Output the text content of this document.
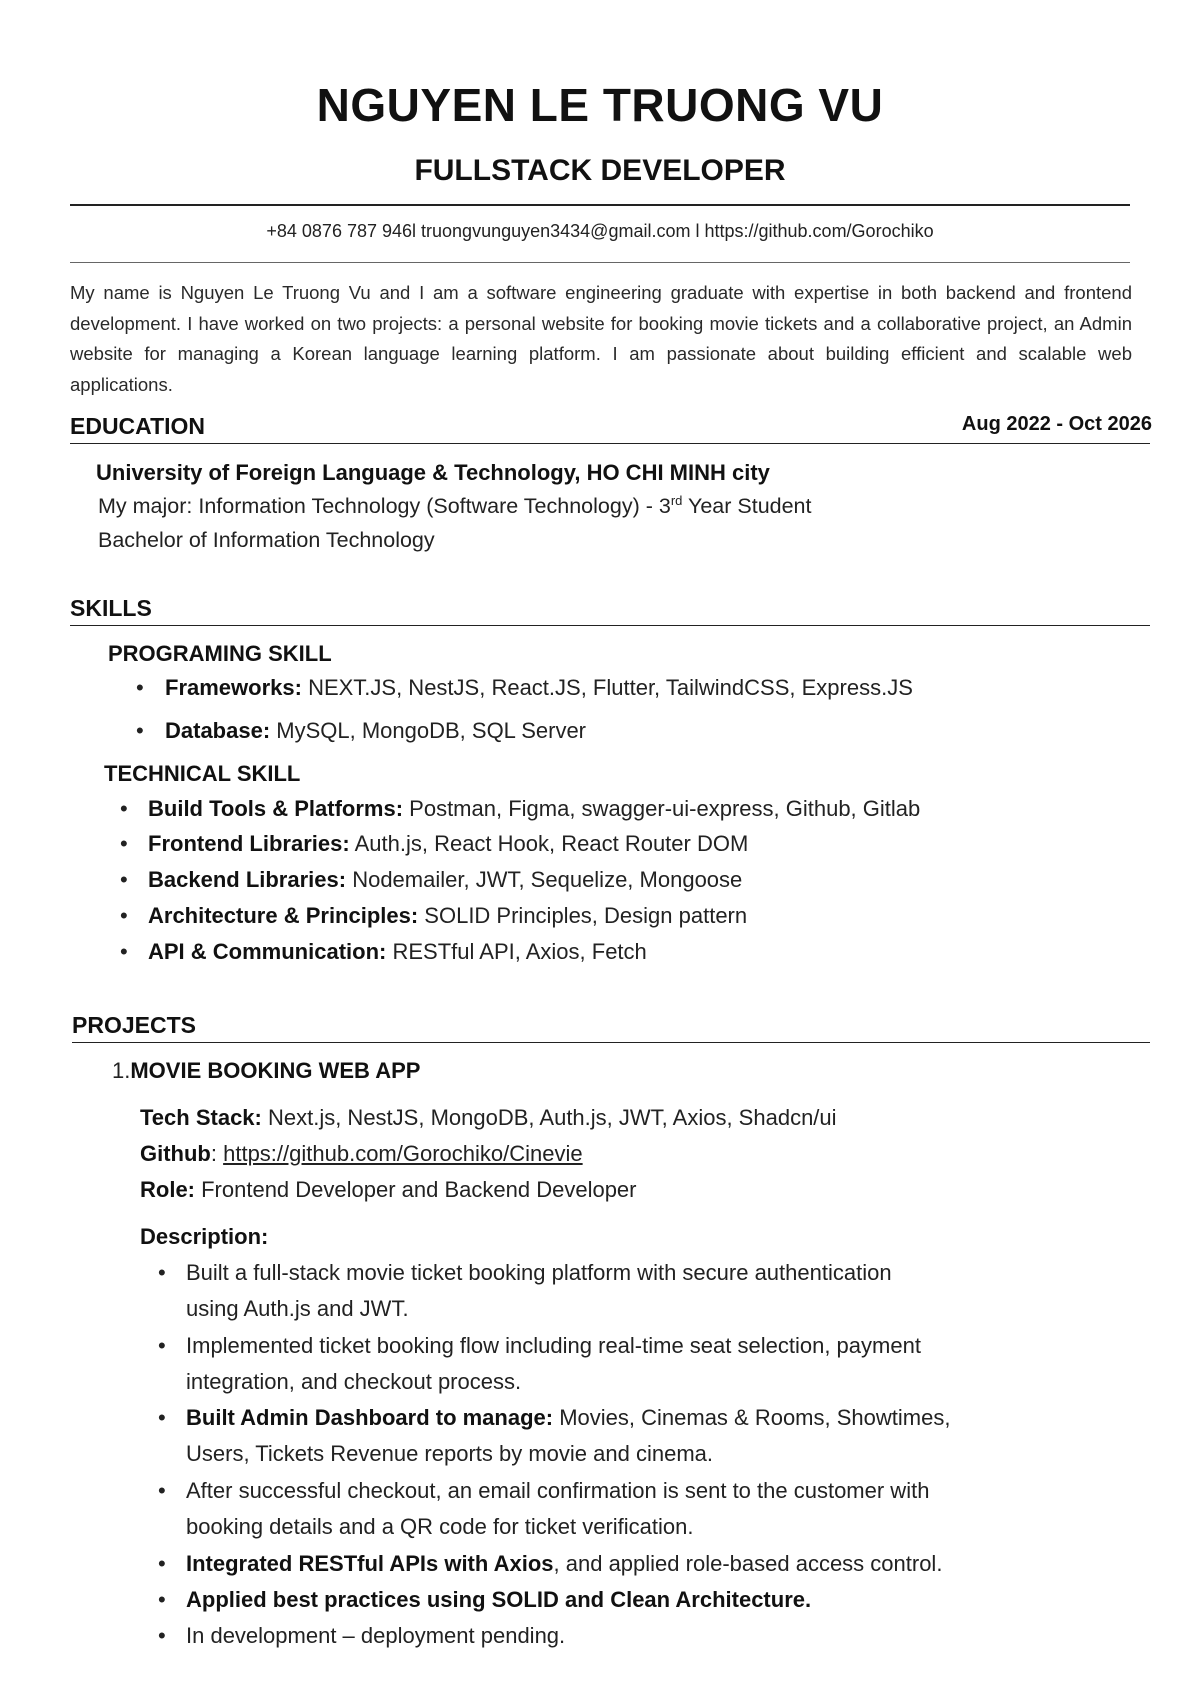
NGUYEN LE TRUONG VU
FULLSTACK DEVELOPER
+84 0876 787 946l truongvunguyen3434@gmail.com l https://github.com/Gorochiko
My name is Nguyen Le Truong Vu and I am a software engineering graduate with expertise in both backend and frontend development. I have worked on two projects: a personal website for booking movie tickets and a collaborative project, an Admin website for managing a Korean language learning platform. I am passionate about building efficient and scalable web applications.
EDUCATION	Aug 2022 - Oct 2026
University of Foreign Language & Technology, HO CHI MINH city
My major: Information Technology (Software Technology) - 3rd Year Student
Bachelor of Information Technology
SKILLS
PROGRAMING SKILL
• Frameworks: NEXT.JS, NestJS, React.JS, Flutter, TailwindCSS, Express.JS
• Database: MySQL, MongoDB, SQL Server
TECHNICAL SKILL
• Build Tools & Platforms: Postman, Figma, swagger-ui-express, Github, Gitlab
• Frontend Libraries: Auth.js, React Hook, React Router DOM
• Backend Libraries: Nodemailer, JWT, Sequelize, Mongoose
• Architecture & Principles: SOLID Principles, Design pattern
• API & Communication: RESTful API, Axios, Fetch
PROJECTS
1.MOVIE BOOKING WEB APP
Tech Stack: Next.js, NestJS, MongoDB, Auth.js, JWT, Axios, Shadcn/ui
Github: https://github.com/Gorochiko/Cinevie
Role: Frontend Developer and Backend Developer
Description:
• Built a full-stack movie ticket booking platform with secure authentication
using Auth.js and JWT.
• Implemented ticket booking flow including real-time seat selection, payment
integration, and checkout process.
• Built Admin Dashboard to manage: Movies, Cinemas & Rooms, Showtimes,
Users, Tickets Revenue reports by movie and cinema.
• After successful checkout, an email confirmation is sent to the customer with
booking details and a QR code for ticket verification.
• Integrated RESTful APIs with Axios, and applied role-based access control.
• Applied best practices using SOLID and Clean Architecture.
• In development – deployment pending.
